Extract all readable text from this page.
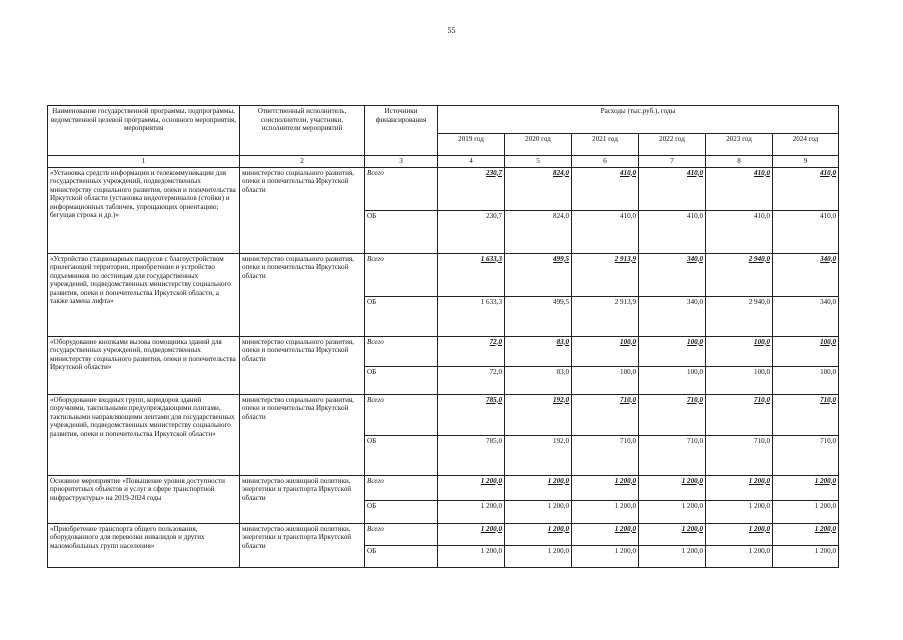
55
Наименование государственной программы, подпрограммы, ведомственной целевой программы, основного мероприятия, мероприятия	Ответственный исполнитель, соисполнители, участники, исполнители мероприятий	Источники финансирования	Расходы (тыс.руб.), годы					
			2019 год	2020 год	2021 год	2022 год	2023 год	2024 год
1	2	3	4	5	6	7	8	9
«Установка средств информации и телекоммуникации для государственных учреждений, подведомственных министерству социального развития, опеки и попечительства Иркутской области (установка видеотерминалов (стойки) и информационных табличек, упрощающих ориентацию; бегущая строка и др.)»	министерство социального развития, опеки и попечительства Иркутской области	Всего	230,7	824,0	410,0	410,0	410,0	410,0
		ОБ	230,7	824,0	410,0	410,0	410,0	410,0
«Устройство стационарных пандусов с благоустройством прилегающей территории, приобретение и устройство подъемников по лестницам для государственных учреждений, подведомственных министерству социального развития, опеки и попечительства Иркутской области, а также замена лифта»	министерство социального развития, опеки и попечительства Иркутской области	Всего	1 633,3	499,5	2 913,9	340,0	2 940,0	340,0
		ОБ	1 633,3	499,5	2 913,9	340,0	2 940,0	340,0
«Оборудование кнопками вызова помощника зданий для государственных учреждений, подведомственных министерству социального развития, опеки и попечительства Иркутской области»	министерство социального развития, опеки и попечительства Иркутской области	Всего	72,0	83,0	100,0	100,0	100,0	100,0
		ОБ	72,0	83,0	100,0	100,0	100,0	100,0
«Оборудование входных групп, коридоров зданий поручнями, тактильными предупреждающими плитами, тактильными направляющими лентами для государственных учреждений, подведомственных министерству социального развития, опеки и попечительства Иркутской области»	министерство социального развития, опеки и попечительства Иркутской области	Всего	785,0	192,0	710,0	710,0	710,0	710,0
		ОБ	785,0	192,0	710,0	710,0	710,0	710,0
Основное мероприятие «Повышение уровня доступности приоритетных объектов и услуг в сфере транспортной инфраструктуры» на 2019-2024 годы	министерство жилищной политики, энергетики и транспорта Иркутской области	Всего	1 200,0	1 200,0	1 200,0	1 200,0	1 200,0	1 200,0
		ОБ	1 200,0	1 200,0	1 200,0	1 200,0	1 200,0	1 200,0
«Приобретение транспорта общего пользования, оборудованного для перевозки инвалидов и других маломобильных групп населения»	министерство жилищной политики, энергетики и транспорта Иркутской области	Всего	1 200,0	1 200,0	1 200,0	1 200,0	1 200,0	1 200,0
		ОБ	1 200,0	1 200,0	1 200,0	1 200,0	1 200,0	1 200,0
